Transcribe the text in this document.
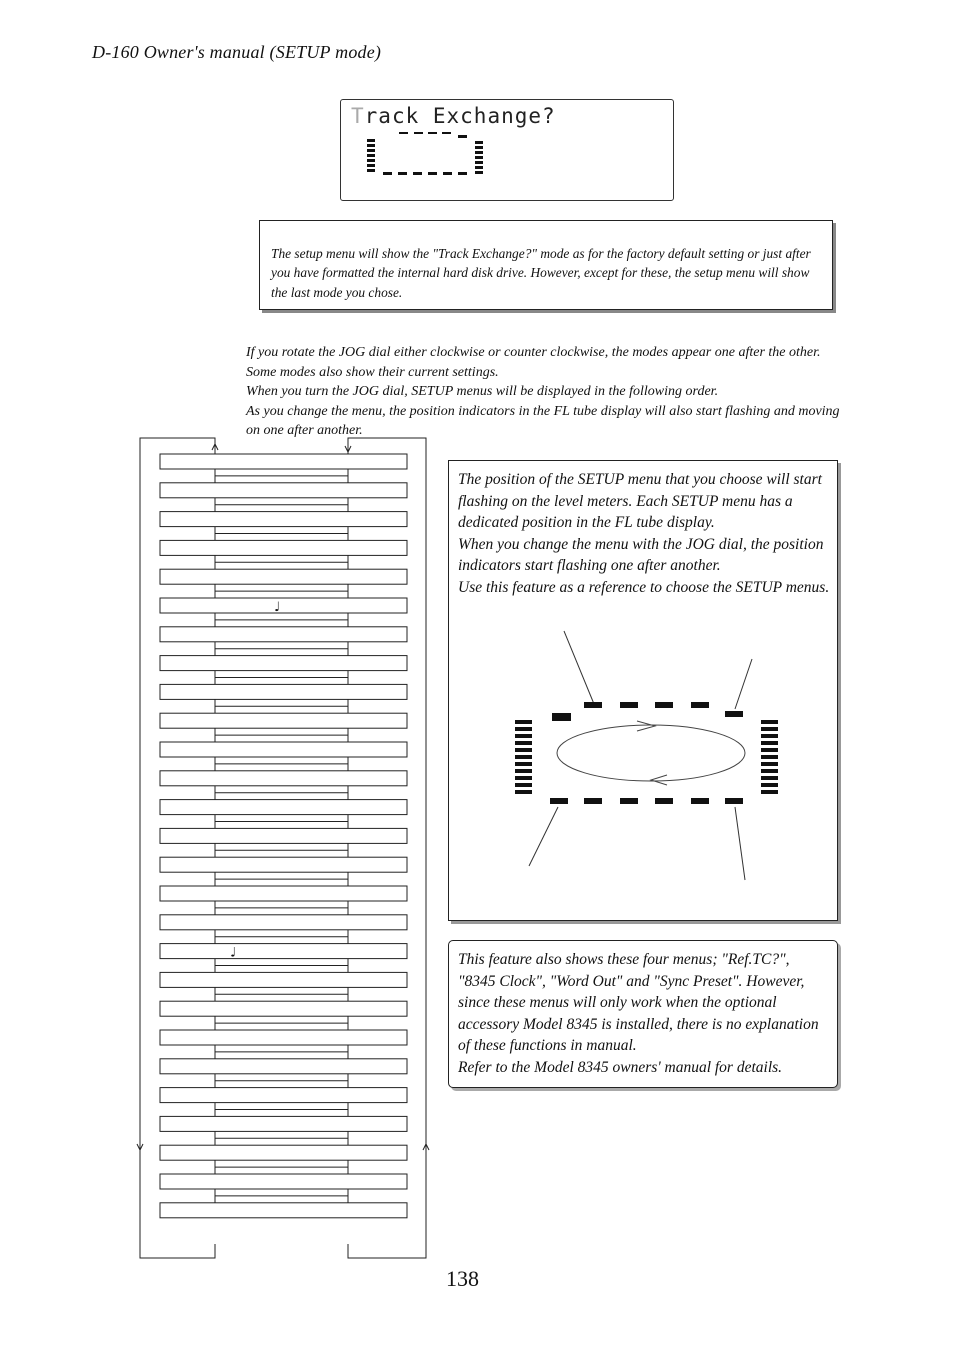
D-160 Owner's manual (SETUP mode)
Track Exchange?
The setup menu will show the "Track Exchange?" mode as for the factory default setting or just after you have formatted the internal hard disk drive. However, except for these, the setup menu will show the last mode you chose.

If you rotate the JOG dial either clockwise or counter clockwise, the modes appear one after the other. Some modes also show their current settings.

When you turn the JOG dial, SETUP menus will be displayed in the following order.

As you change the menu, the position indicators in the FL tube display will also start flashing and moving on one after another.

♩
♩

The position of the SETUP menu that you choose will start flashing on the level meters. Each SETUP menu has a dedicated position in the FL tube display.

When you change the menu with the JOG dial, the position indicators start flashing one after another.

Use this feature as a reference to choose the SETUP menus.

This feature also shows these four menus; "Ref.TC?", "8345 Clock", "Word Out" and "Sync Preset". However, since these menus will only work when the optional accessory Model 8345 is installed, there is no explanation of these functions in manual.

Refer to the Model 8345 owners' manual for details.

138
